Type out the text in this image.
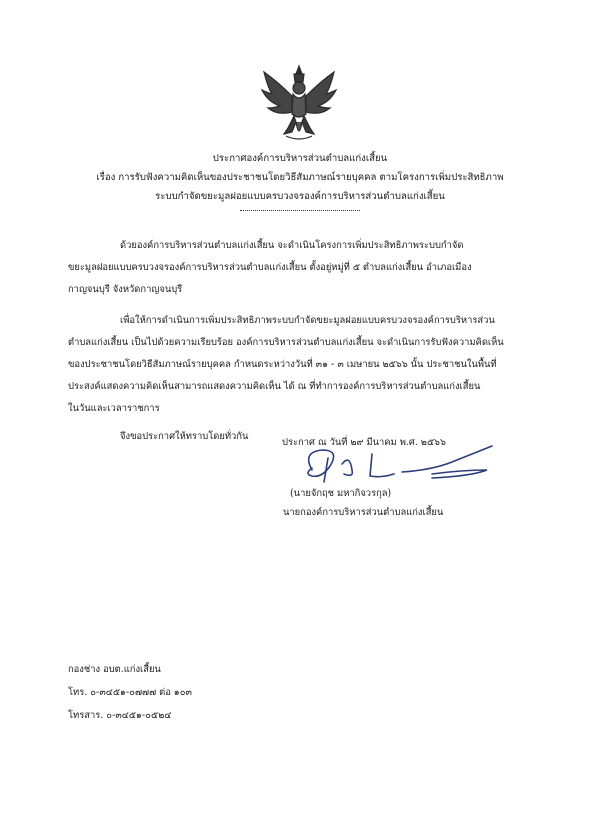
ประกาศองค์การบริหารส่วนตำบลแก่งเสี้ยน
เรื่อง การรับฟังความคิดเห็นของประชาชนโดยวิธีสัมภาษณ์รายบุคคล ตามโครงการเพิ่มประสิทธิภาพ
ระบบกำจัดขยะมูลฝอยแบบครบวงจรองค์การบริหารส่วนตำบลแก่งเสี้ยน
ด้วยองค์การบริหารส่วนตำบลแก่งเสี้ยน จะดำเนินโครงการเพิ่มประสิทธิภาพระบบกำจัด
ขยะมูลฝอยแบบครบวงจรองค์การบริหารส่วนตำบลแก่งเสี้ยน ตั้งอยู่หมู่ที่ ๕ ตำบลแก่งเสี้ยน อำเภอเมือง
กาญจนบุรี จังหวัดกาญจนบุรี
เพื่อให้การดำเนินการเพิ่มประสิทธิภาพระบบกำจัดขยะมูลฝอยแบบครบวงจรองค์การบริหารส่วน
ตำบลแก่งเสี้ยน เป็นไปด้วยความเรียบร้อย องค์การบริหารส่วนตำบลแก่งเสี้ยน จะดำเนินการรับฟังความคิดเห็น
ของประชาชนโดยวิธีสัมภาษณ์รายบุคคล กำหนดระหว่างวันที่ ๓๑ - ๓ เมษายน ๒๕๖๖ นั้น ประชาชนในพื้นที่
ประสงค์แสดงความคิดเห็นสามารถแสดงความคิดเห็น ได้ ณ ที่ทำการองค์การบริหารส่วนตำบลแก่งเสี้ยน
ในวันและเวลาราชการ
จึงขอประกาศให้ทราบโดยทั่วกัน
ประกาศ ณ วันที่ ๒๙ มีนาคม พ.ศ. ๒๕๖๖
(นายจักฤช มหากิจวรกุล)
นายกองค์การบริหารส่วนตำบลแก่งเสี้ยน
กองช่าง อบต.แก่งเสี้ยน
โทร. ๐-๓๔๕๑-๐๗๗๗ ต่อ ๑๐๓
โทรสาร. ๐-๓๔๕๑-๐๕๒๔
